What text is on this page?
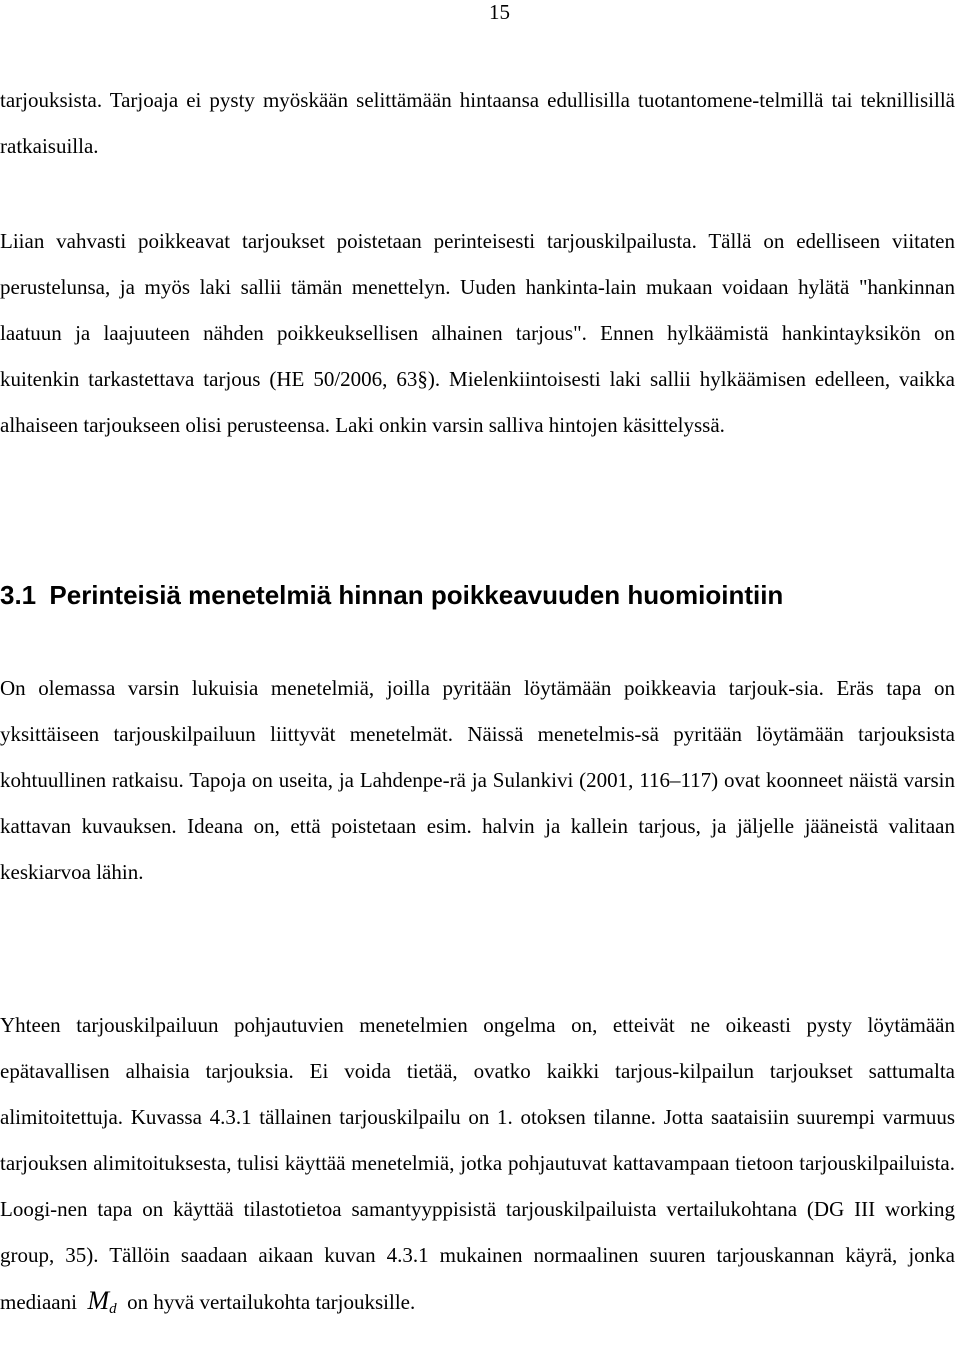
15

tarjouksista. Tarjoaja ei pysty myöskään selittämään hintaansa edullisilla tuotantomene-telmillä tai teknillisillä ratkaisuilla.

Liian vahvasti poikkeavat tarjoukset poistetaan perinteisesti tarjouskilpailusta. Tällä on edelliseen viitaten perustelunsa, ja myös laki sallii tämän menettelyn. Uuden hankinta-lain mukaan voidaan hylätä "hankinnan laatuun ja laajuuteen nähden poikkeuksellisen alhainen tarjous". Ennen hylkäämistä hankintayksikön on kuitenkin tarkastettava tarjous (HE 50/2006, 63§). Mielenkiintoisesti laki sallii hylkäämisen edelleen, vaikka alhaiseen tarjoukseen olisi perusteensa. Laki onkin varsin salliva hintojen käsittelyssä.

3.1 Perinteisiä menetelmiä hinnan poikkeavuuden huomiointiin

On olemassa varsin lukuisia menetelmiä, joilla pyritään löytämään poikkeavia tarjouk-sia. Eräs tapa on yksittäiseen tarjouskilpailuun liittyvät menetelmät. Näissä menetelmis-sä pyritään löytämään tarjouksista kohtuullinen ratkaisu. Tapoja on useita, ja Lahdenpe-rä ja Sulankivi (2001, 116–117) ovat koonneet näistä varsin kattavan kuvauksen. Ideana on, että poistetaan esim. halvin ja kallein tarjous, ja jäljelle jääneistä valitaan keskiarvoa lähin.

Yhteen tarjouskilpailuun pohjautuvien menetelmien ongelma on, etteivät ne oikeasti pysty löytämään epätavallisen alhaisia tarjouksia. Ei voida tietää, ovatko kaikki tarjous-kilpailun tarjoukset sattumalta alimitoitettuja. Kuvassa 4.3.1 tällainen tarjouskilpailu on 1. otoksen tilanne. Jotta saataisiin suurempi varmuus tarjouksen alimitoituksesta, tulisi käyttää menetelmiä, jotka pohjautuvat kattavampaan tietoon tarjouskilpailuista. Loogi-nen tapa on käyttää tilastotietoa samantyyppisistä tarjouskilpailuista vertailukohtana (DG III working group, 35). Tällöin saadaan aikaan kuvan 4.3.1 mukainen normaalinen suuren tarjouskannan käyrä, jonka mediaani Md on hyvä vertailukohta tarjouksille.
